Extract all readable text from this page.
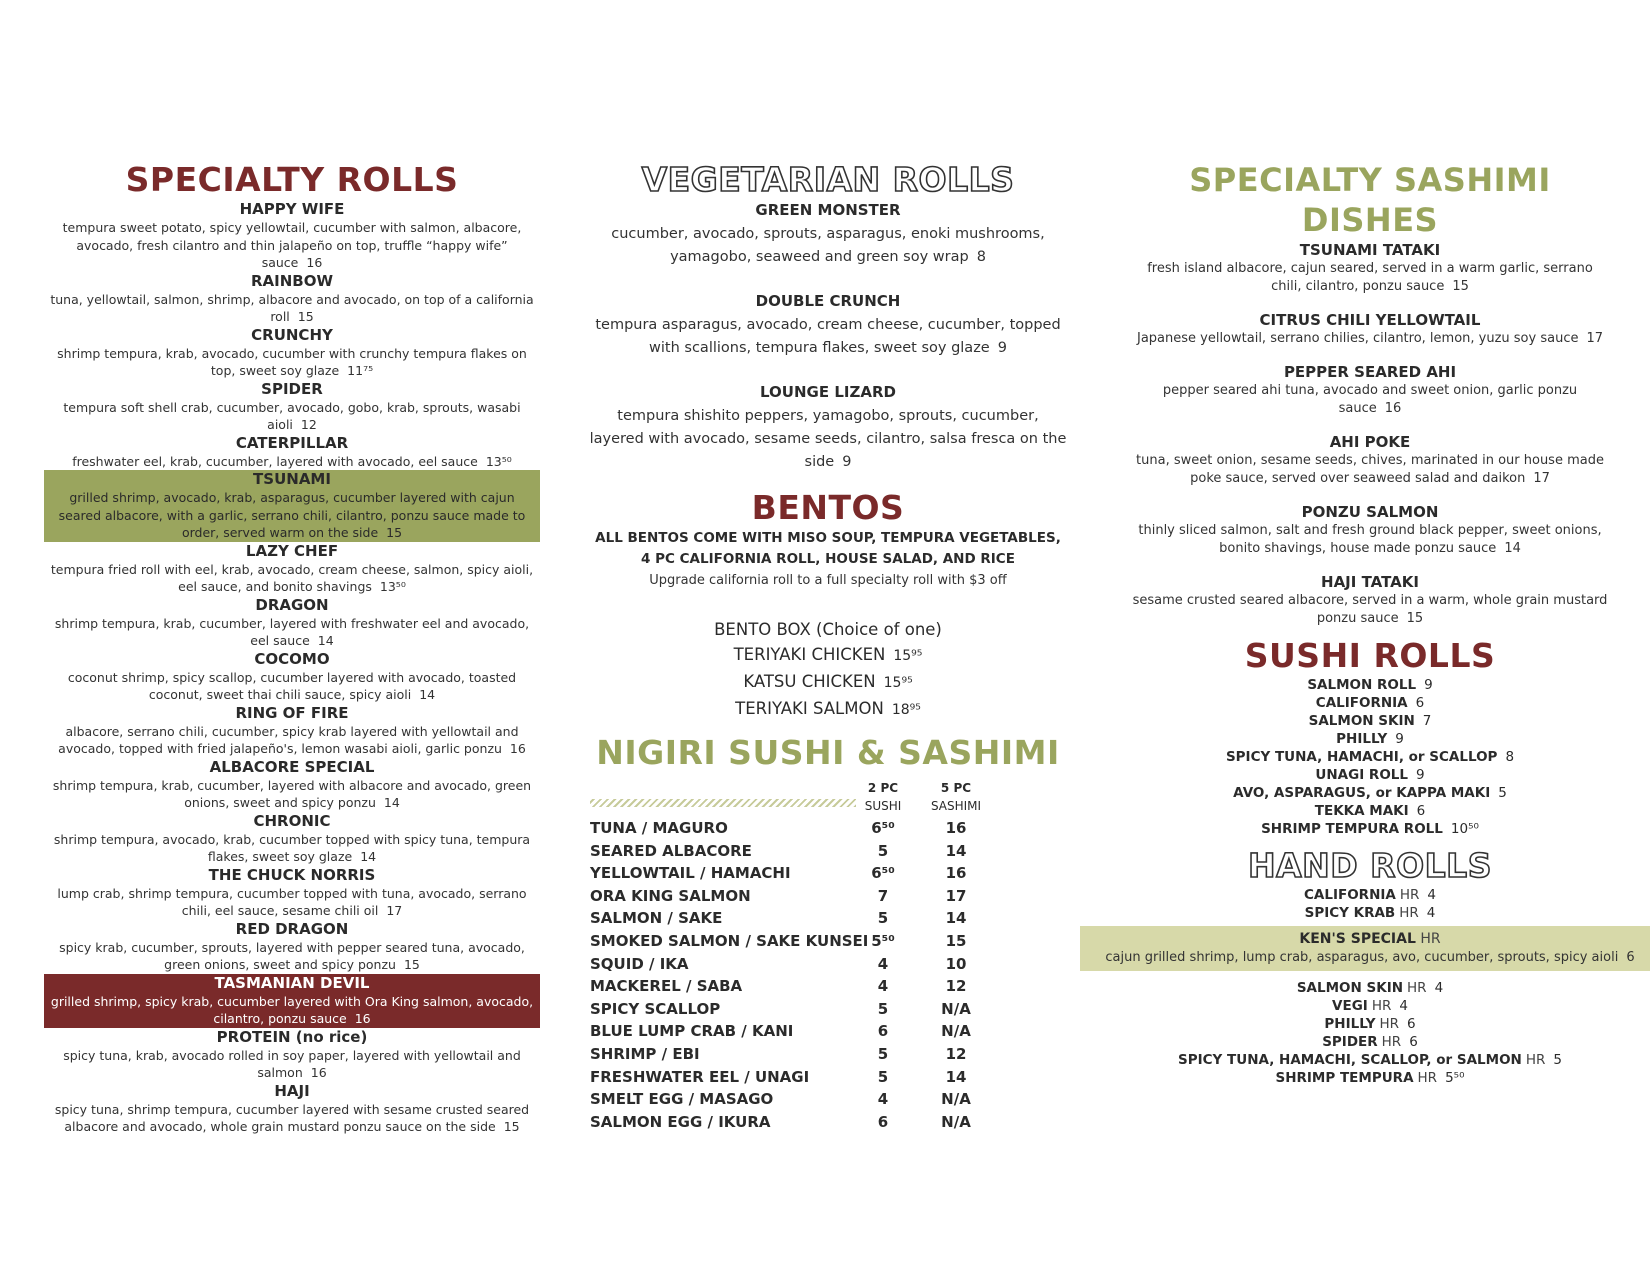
SPECIALTY ROLLS
HAPPY WIFE
tempura sweet potato, spicy yellowtail, cucumber with salmon, albacore, avocado, fresh cilantro and thin jalapeño on top, truffle “happy wife” sauce 16
RAINBOW
tuna, yellowtail, salmon, shrimp, albacore and avocado, on top of a california roll 15
CRUNCHY
shrimp tempura, krab, avocado, cucumber with crunchy tempura flakes on top, sweet soy glaze 11⁷⁵
SPIDER
tempura soft shell crab, cucumber, avocado, gobo, krab, sprouts, wasabi aioli 12
CATERPILLAR
freshwater eel, krab, cucumber, layered with avocado, eel sauce 13⁵⁰
TSUNAMI
grilled shrimp, avocado, krab, asparagus, cucumber layered with cajun seared albacore, with a garlic, serrano chili, cilantro, ponzu sauce made to order, served warm on the side 15
LAZY CHEF
tempura fried roll with eel, krab, avocado, cream cheese, salmon, spicy aioli, eel sauce, and bonito shavings 13⁵⁰
DRAGON
shrimp tempura, krab, cucumber, layered with freshwater eel and avocado, eel sauce 14
COCOMO
coconut shrimp, spicy scallop, cucumber layered with avocado, toasted coconut, sweet thai chili sauce, spicy aioli 14
RING OF FIRE
albacore, serrano chili, cucumber, spicy krab layered with yellowtail and avocado, topped with fried jalapeño's, lemon wasabi aioli, garlic ponzu 16
ALBACORE SPECIAL
shrimp tempura, krab, cucumber, layered with albacore and avocado, green onions, sweet and spicy ponzu 14
CHRONIC
shrimp tempura, avocado, krab, cucumber topped with spicy tuna, tempura flakes, sweet soy glaze 14
THE CHUCK NORRIS
lump crab, shrimp tempura, cucumber topped with tuna, avocado, serrano chili, eel sauce, sesame chili oil 17
RED DRAGON
spicy krab, cucumber, sprouts, layered with pepper seared tuna, avocado, green onions, sweet and spicy ponzu 15
TASMANIAN DEVIL
grilled shrimp, spicy krab, cucumber layered with Ora King salmon, avocado, cilantro, ponzu sauce 16
PROTEIN (no rice)
spicy tuna, krab, avocado rolled in soy paper, layered with yellowtail and salmon 16
HAJI
spicy tuna, shrimp tempura, cucumber layered with sesame crusted seared albacore and avocado, whole grain mustard ponzu sauce on the side 15
VEGETARIAN ROLLS
GREEN MONSTER
cucumber, avocado, sprouts, asparagus, enoki mushrooms, yamagobo, seaweed and green soy wrap 8
DOUBLE CRUNCH
tempura asparagus, avocado, cream cheese, cucumber, topped with scallions, tempura flakes, sweet soy glaze 9
LOUNGE LIZARD
tempura shishito peppers, yamagobo, sprouts, cucumber, layered with avocado, sesame seeds, cilantro, salsa fresca on the side 9
BENTOS
ALL BENTOS COME WITH MISO SOUP, TEMPURA VEGETABLES,
4 PC CALIFORNIA ROLL, HOUSE SALAD, AND RICE
Upgrade california roll to a full specialty roll with $3 off
BENTO BOX (Choice of one)
TERIYAKI CHICKEN 15⁹⁵
KATSU CHICKEN 15⁹⁵
TERIYAKI SALMON 18⁹⁵
NIGIRI SUSHI & SASHIMI
2 PC
SUSHI
5 PC
SASHIMI
TUNA / MAGURO	6⁵⁰	16
SEARED ALBACORE	5	14
YELLOWTAIL / HAMACHI	6⁵⁰	16
ORA KING SALMON	7	17
SALMON / SAKE	5	14
SMOKED SALMON / SAKE KUNSEI 5⁵⁰	15
SQUID / IKA	4	10
MACKEREL / SABA	4	12
SPICY SCALLOP	5	N/A
BLUE LUMP CRAB / KANI	6	N/A
SHRIMP / EBI	5	12
FRESHWATER EEL / UNAGI	5	14
SMELT EGG / MASAGO	4	N/A
SALMON EGG / IKURA	6	N/A
SPECIALTY SASHIMI DISHES
TSUNAMI TATAKI
fresh island albacore, cajun seared, served in a warm garlic, serrano chili, cilantro, ponzu sauce 15
CITRUS CHILI YELLOWTAIL
Japanese yellowtail, serrano chilies, cilantro, lemon, yuzu soy sauce 17
PEPPER SEARED AHI
pepper seared ahi tuna, avocado and sweet onion, garlic ponzu sauce 16
AHI POKE
tuna, sweet onion, sesame seeds, chives, marinated in our house made poke sauce, served over seaweed salad and daikon 17
PONZU SALMON
thinly sliced salmon, salt and fresh ground black pepper, sweet onions, bonito shavings, house made ponzu sauce 14
HAJI TATAKI
sesame crusted seared albacore, served in a warm, whole grain mustard ponzu sauce 15
SUSHI ROLLS
SALMON ROLL 9
CALIFORNIA 6
SALMON SKIN 7
PHILLY 9
SPICY TUNA, HAMACHI, or SCALLOP 8
UNAGI ROLL 9
AVO, ASPARAGUS, or KAPPA MAKI 5
TEKKA MAKI 6
SHRIMP TEMPURA ROLL 10⁵⁰
HAND ROLLS
CALIFORNIA HR 4
SPICY KRAB HR 4
KEN'S SPECIAL HR
cajun grilled shrimp, lump crab, asparagus, avo, cucumber, sprouts, spicy aioli 6
SALMON SKIN HR 4
VEGI HR 4
PHILLY HR 6
SPIDER HR 6
SPICY TUNA, HAMACHI, SCALLOP, or SALMON HR 5
SHRIMP TEMPURA HR 5⁵⁰
